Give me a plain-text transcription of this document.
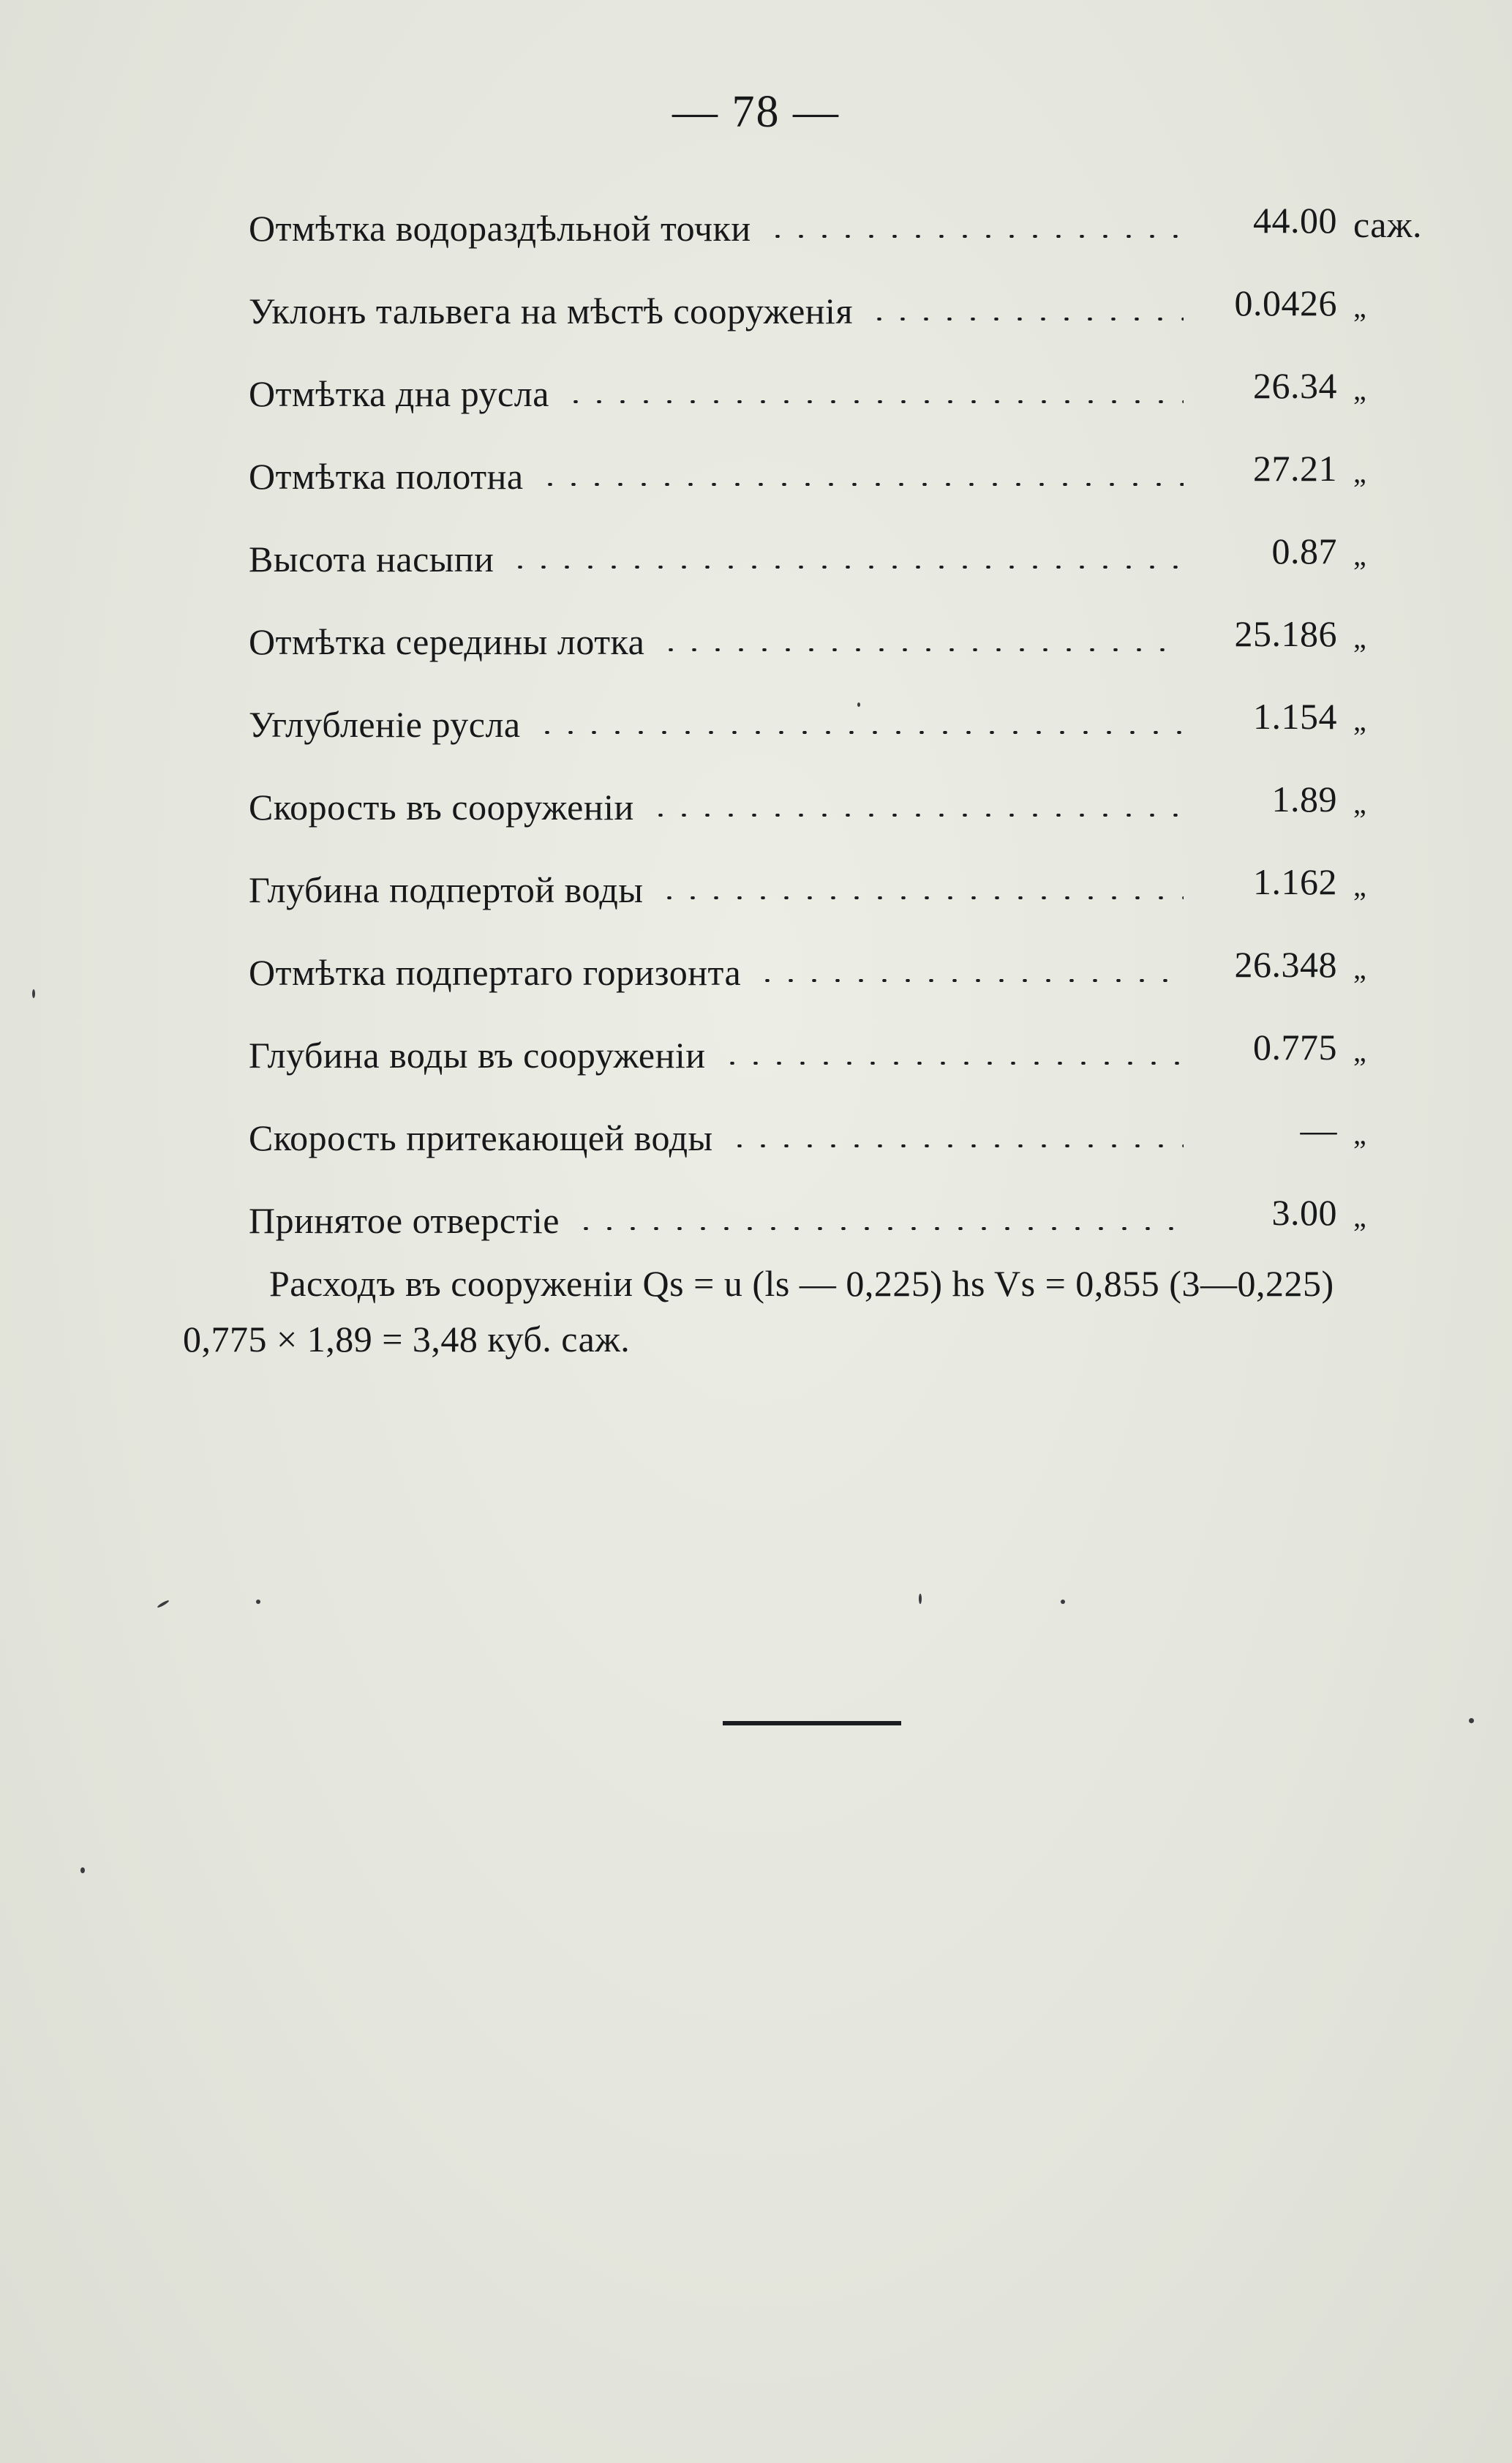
— 78 —
Отмѣтка водораздѣльной точки	44.00 саж.
Уклонъ тальвега на мѣстѣ сооруженія	0.0426 „
Отмѣтка дна русла	26.34 „
Отмѣтка полотна	27.21 „
Высота насыпи	0.87 „
Отмѣтка середины лотка	25.186 „
Углубленіе русла	1.154 „
Скорость въ сооруженіи	1.89 „
Глубина подпертой воды	1.162 „
Отмѣтка подпертаго горизонта	26.348 „
Глубина воды въ сооруженіи	0.775 „
Скорость притекающей воды	— „
Принятое отверстіе	3.00 „
Расходъ въ сооруженіи Qs = u (ls — 0,225) hs Vs = 0,855 (3—0,225)
0,775 × 1,89 = 3,48 куб. саж.
